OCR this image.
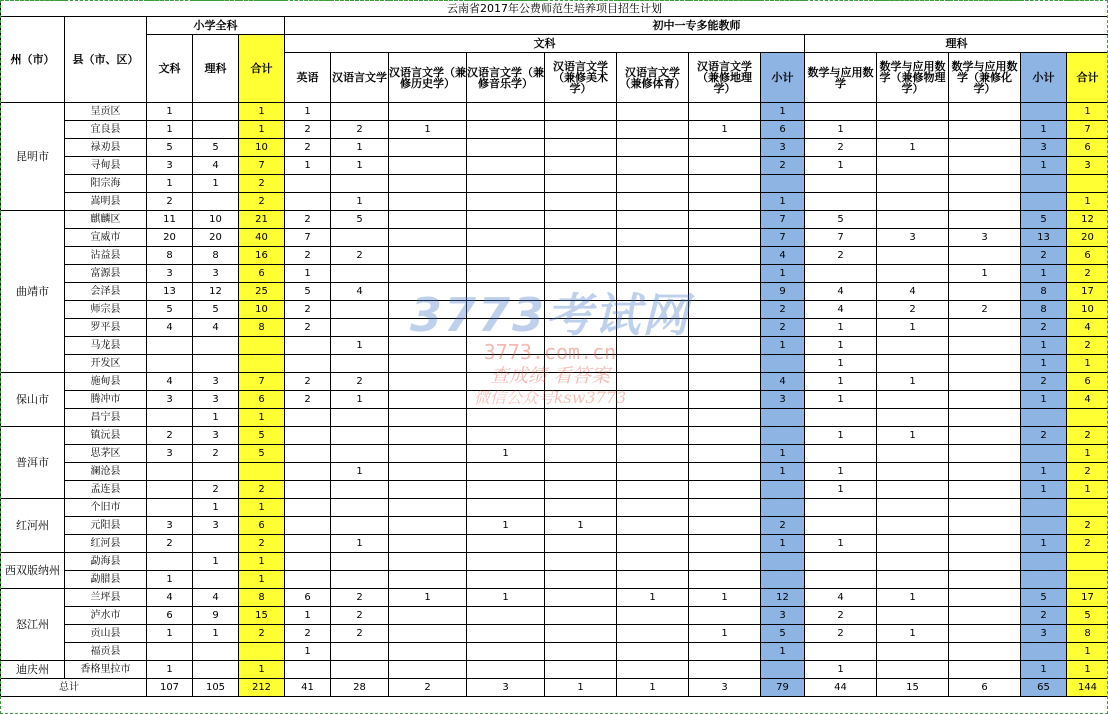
云南省2017年公费师范生培养项目招生计划																	
州（市）	县（市、区）	小学全科			初中一专多能教师												
		文科	理科	合计	文科								理科				
					英语	汉语言文学	汉语言文学（兼修历史学）	汉语言文学（兼修音乐学）	汉语言文学（兼修美术学）	汉语言文学（兼修体育）	汉语言文学（兼修地理学）	小计	数学与应用数学	数学与应用数学（兼修物理学）	数学与应用数学（兼修化学）	小计	合计

昆明市	呈贡区	1		1	1							1					1
	宜良县	1		1	2	2	1				1	6	1			1	7
	禄劝县	5	5	10	2	1						3	2	1		3	6
	寻甸县	3	4	7	1	1						2	1			1	3
	阳宗海	1	1	2													
	嵩明县	2		2		1						1					1
曲靖市	麒麟区	11	10	21	2	5						7	5			5	12
	宣威市	20	20	40	7							7	7	3	3	13	20
	沾益县	8	8	16	2	2						4	2			2	6
	富源县	3	3	6	1							1			1	1	2
	会泽县	13	12	25	5	4						9	4	4		8	17
	师宗县	5	5	10	2							2	4	2	2	8	10
	罗平县	4	4	8	2							2	1	1		2	4
	马龙县					1						1	1			1	2
	开发区												1			1	1
保山市	施甸县	4	3	7	2	2						4	1	1		2	6
	腾冲市	3	3	6	2	1						3	1			1	4
	昌宁县		1	1													
普洱市	镇沅县	2	3	5									1	1		2	2
	思茅区	3	2	5				1				1					1
	澜沧县					1						1	1			1	2
	孟连县		2	2									1			1	1
红河州	个旧市		1	1													
	元阳县	3	3	6				1	1			2					2
	红河县	2		2		1						1	1			1	2
西双版纳州	勐海县		1	1													
	勐腊县	1		1													
怒江州	兰坪县	4	4	8	6	2	1	1		1	1	12	4	1		5	17
	泸水市	6	9	15	1	2						3	2			2	5
	贡山县	1	1	2	2	2					1	5	2	1		3	8
	福贡县				1							1					1
迪庆州	香格里拉市	1		1									1			1	1
总计		107	105	212	41	28	2	3	1	1	3	79	44	15	6	65	144
3773考试网
3773.com.cn
查成绩 看答案
微信公众号ksw3773
